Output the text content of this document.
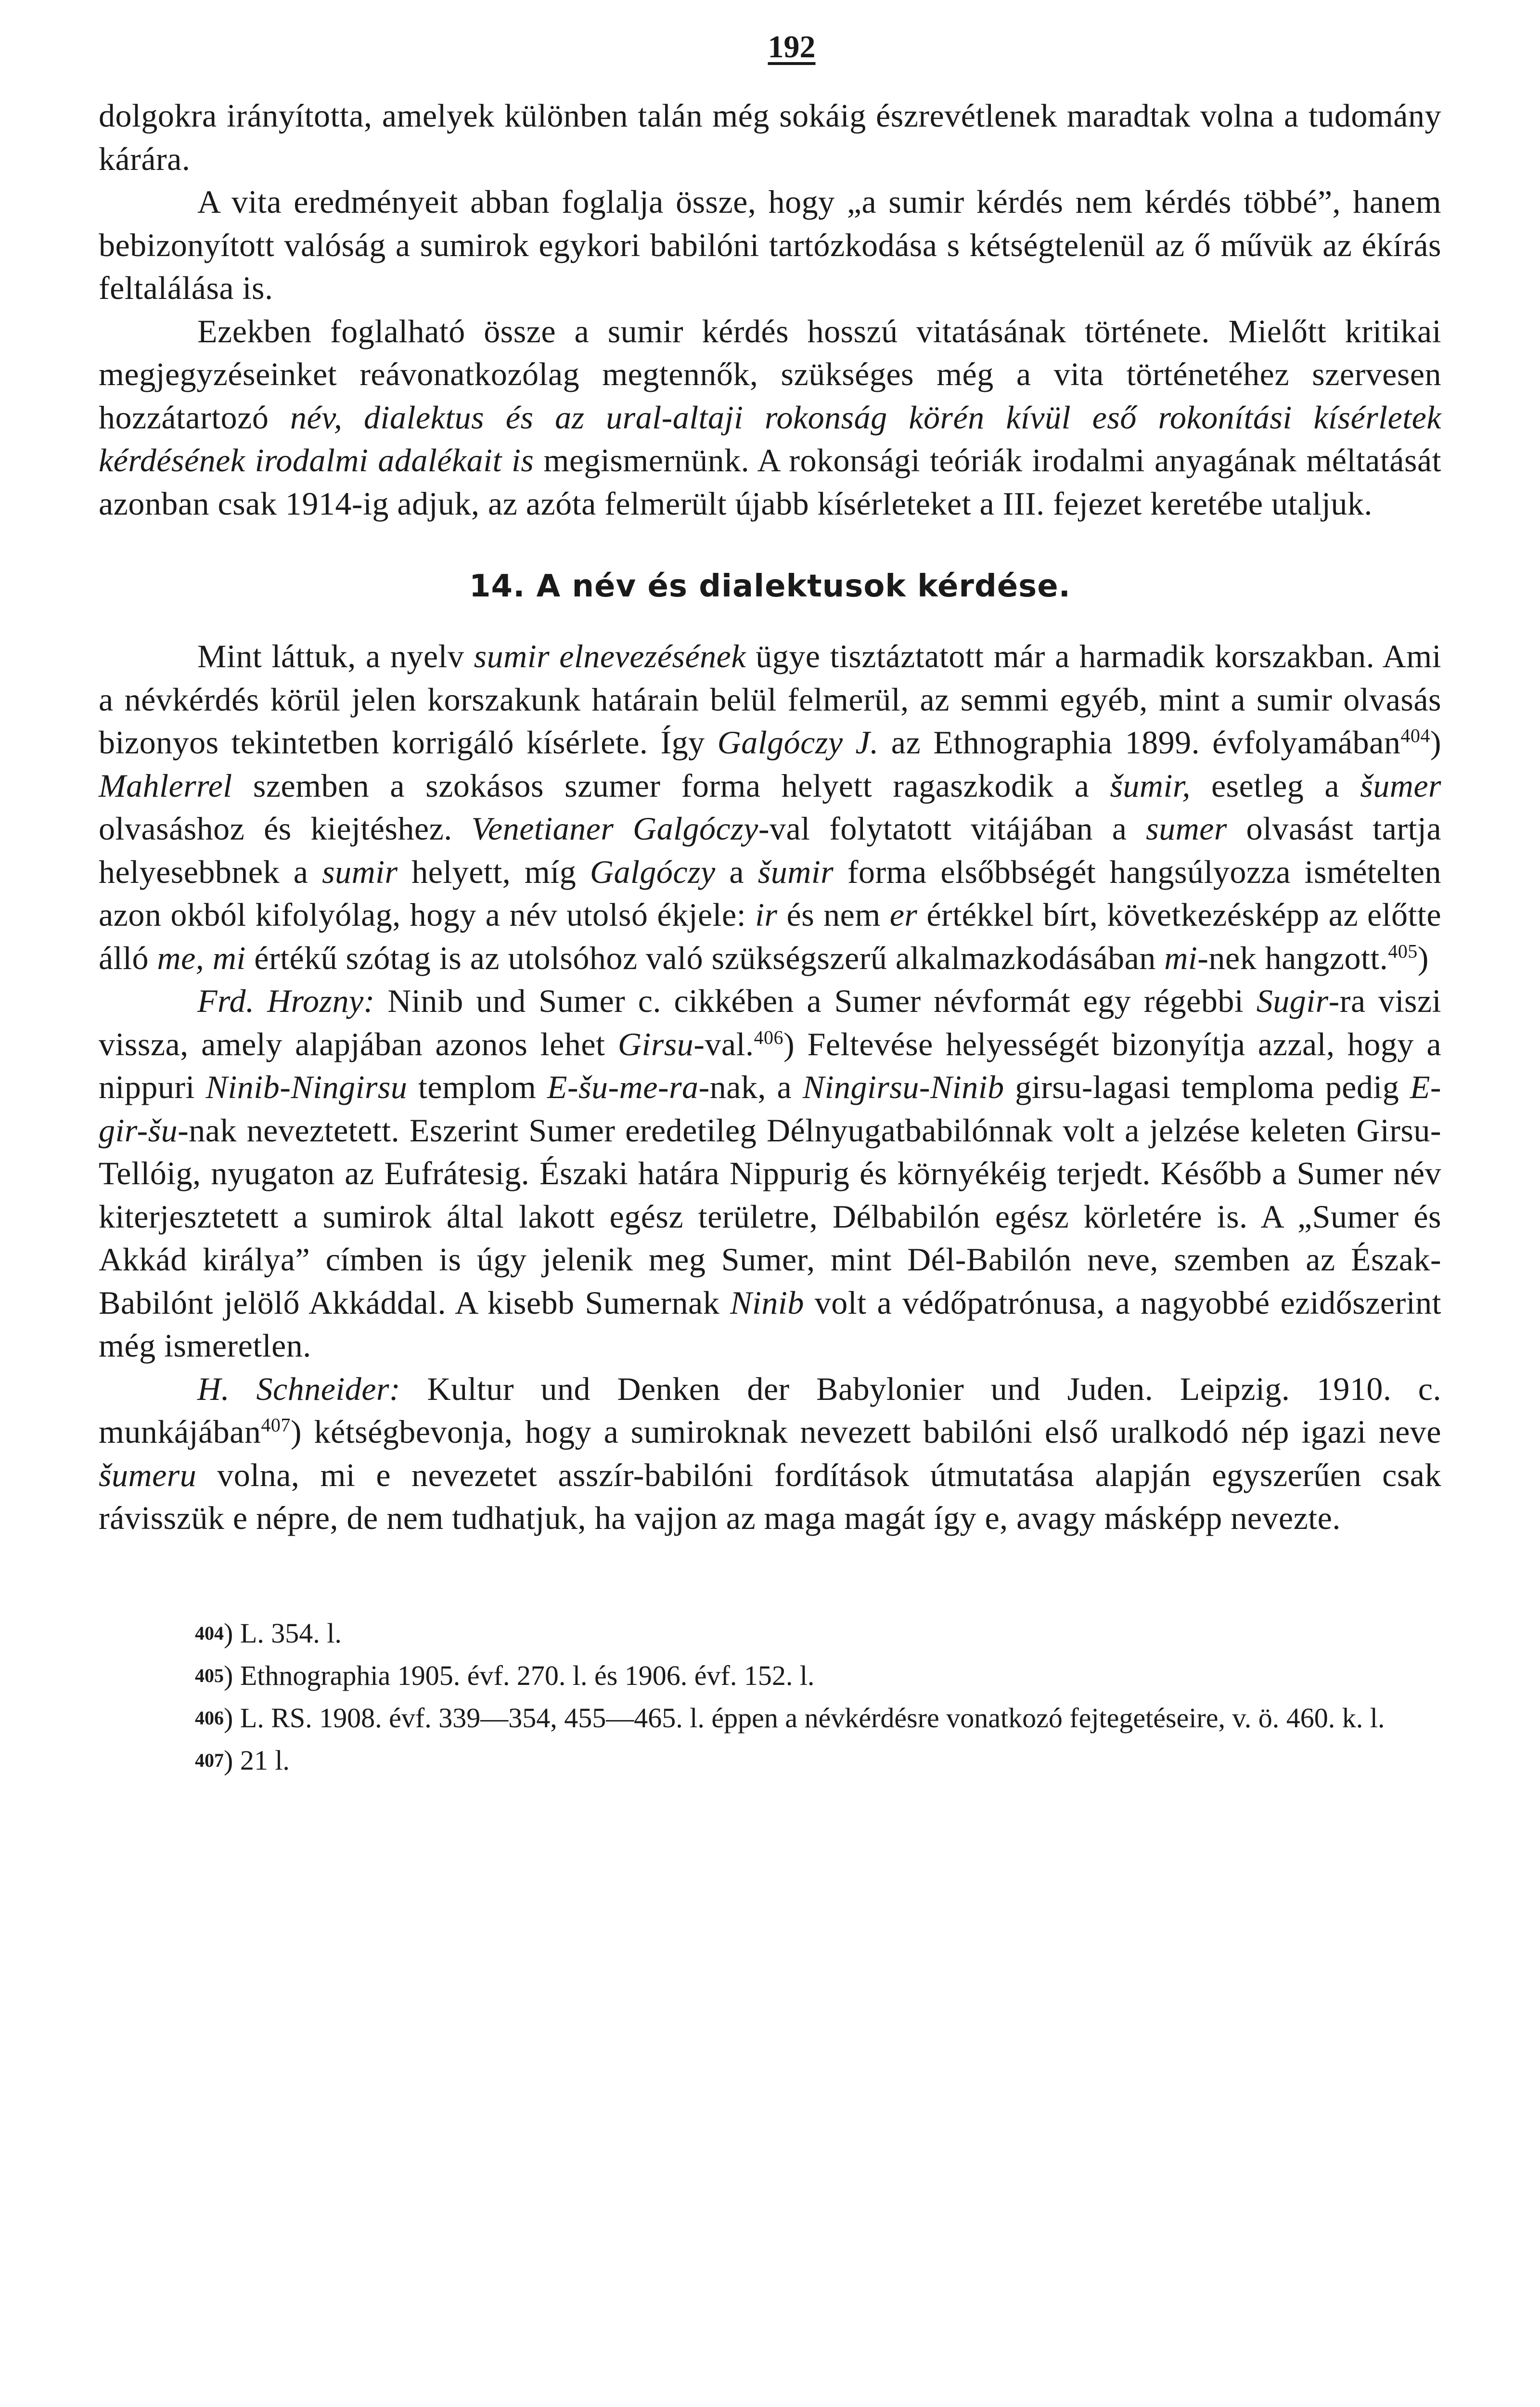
192

dolgokra irányította, amelyek különben talán még sokáig észrevétlenek maradtak volna a tudomány kárára.

A vita eredményeit abban foglalja össze, hogy „a sumir kérdés nem kérdés többé”, hanem bebizonyított valóság a sumirok egykori babilóni tartózkodása s kétségtelenül az ő művük az ékírás feltalálása is.

Ezekben foglalható össze a sumir kérdés hosszú vitatásának története. Mielőtt kritikai megjegyzéseinket reávonatkozólag megtennők, szükséges még a vita történetéhez szervesen hozzátartozó név, dialektus és az ural-altaji rokonság körén kívül eső rokonítási kísérletek kérdésének irodalmi adalékait is megismernünk. A rokonsági teóriák irodalmi anyagának méltatását azonban csak 1914-ig adjuk, az azóta felmerült újabb kísérleteket a III. fejezet keretébe utaljuk.

14. A név és dialektusok kérdése.

Mint láttuk, a nyelv sumir elnevezésének ügye tisztáztatott már a harmadik korszakban. Ami a névkérdés körül jelen korszakunk határain belül felmerül, az semmi egyéb, mint a sumir olvasás bizonyos tekintetben korrigáló kísérlete. Így Galgóczy J. az Ethnographia 1899. évfolyamában$^{404}$) Mahlerrel szemben a szokásos szumer forma helyett ragaszkodik a šumir, esetleg a šumer olvasáshoz és kiejtéshez. Venetianer Galgóczy-val folytatott vitájában a sumer olvasást tartja helyesebbnek a sumir helyett, míg Galgóczy a šumir forma elsőbbségét hangsúlyozza ismételten azon okból kifolyólag, hogy a név utolsó ékjele: ir és nem er értékkel bírt, következésképp az előtte álló me, mi értékű szótag is az utolsóhoz való szükségszerű alkalmazkodásában mi-nek hangzott.$^{405}$)

Frd. Hrozny: Ninib und Sumer c. cikkében a Sumer névformát egy régebbi Sugir-ra viszi vissza, amely alapjában azonos lehet Girsu-val.$^{406}$) Feltevése helyességét bizonyítja azzal, hogy a nippuri Ninib-Ningirsu templom E-šu-me-ra-nak, a Ningirsu-Ninib girsu-lagasi temploma pedig E-gir-šu-nak neveztetett. Eszerint Sumer eredetileg Délnyugatbabilónnak volt a jelzése keleten Girsu-Tellóig, nyugaton az Eufrátesig. Északi határa Nippurig és környékéig terjedt. Később a Sumer név kiterjesztetett a sumirok által lakott egész területre, Délbabilón egész körletére is. A „Sumer és Akkád királya” címben is úgy jelenik meg Sumer, mint Dél-Babilón neve, szemben az Észak-Babilónt jelölő Akkáddal. A kisebb Sumernak Ninib volt a védőpatrónusa, a nagyobbé ezidőszerint még ismeretlen.

H. Schneider: Kultur und Denken der Babylonier und Juden. Leipzig. 1910. c. munkájában$^{407}$) kétségbevonja, hogy a sumiroknak nevezett babilóni első uralkodó nép igazi neve šumeru volna, mi e nevezetet asszír-babilóni fordítások útmutatása alapján egyszerűen csak rávisszük e népre, de nem tudhatjuk, ha vajjon az maga magát így e, avagy másképp nevezte.

$^{404}$) L. 354. l.

$^{405}$) Ethnographia 1905. évf. 270. l. és 1906. évf. 152. l.

$^{406}$) L. RS. 1908. évf. 339—354, 455—465. l. éppen a névkérdésre vonatkozó fejtegetéseire, v. ö. 460. k. l.

$^{407}$) 21 l.
